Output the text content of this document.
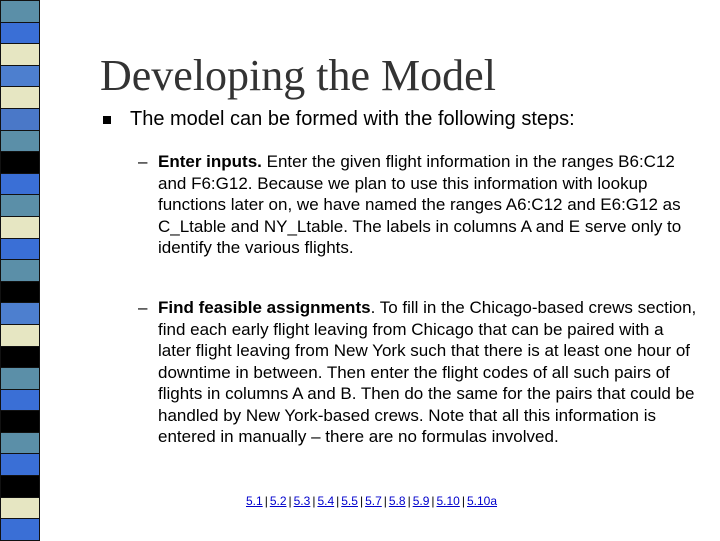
Developing the Model
The model can be formed with the following steps:
– Enter inputs. Enter the given flight information in the ranges B6:C12 and F6:G12. Because we plan to use this information with lookup functions later on, we have named the ranges A6:C12 and E6:G12 as C_Ltable and NY_Ltable. The labels in columns A and E serve only to identify the various flights.
– Find feasible assignments. To fill in the Chicago-based crews section, find each early flight leaving from Chicago that can be paired with a later flight leaving from New York such that there is at least one hour of downtime in between. Then enter the flight codes of all such pairs of flights in columns A and B. Then do the same for the pairs that could be handled by New York-based crews. Note that all this information is entered in manually – there are no formulas involved.
5.1 | 5.2 | 5.3 | 5.4 | 5.5 | 5.7 | 5.8 | 5.9 | 5.10 | 5.10a
